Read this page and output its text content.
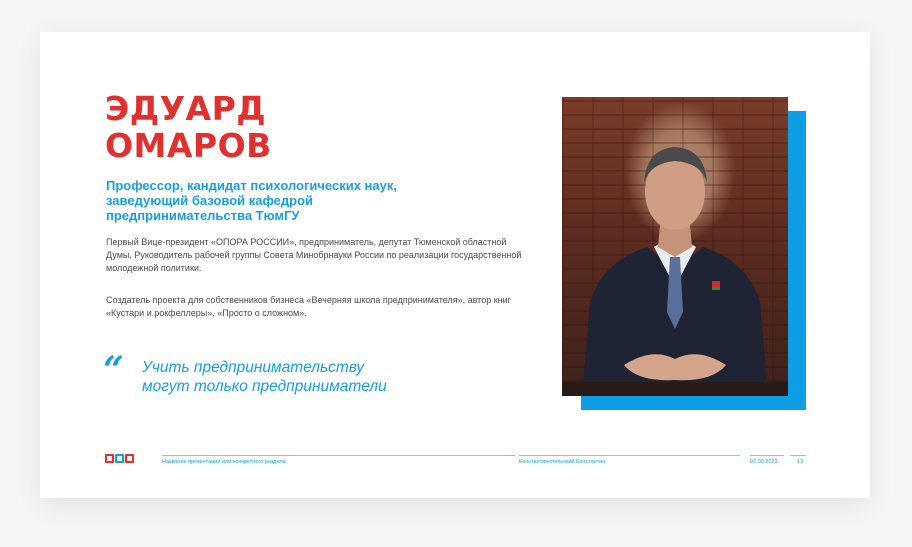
ЭДУАРД
ОМАРОВ

Профессор, кандидат психологических наук, заведующий базовой кафедрой предпринимательства ТюмГУ

Первый Вице-президент «ОПОРА РОССИИ», предприниматель, депутат Тюменской областной Думы, Руководитель рабочей группы Совета Минобрнауки России по реализации государственной молодежной политики.

Создатель проекта для собственников бизнеса «Вечерняя школа предпринимателя», автор книг «Кустари и рокфеллеры», «Просто о сложном».

“ Учить предпринимательству
могут только предприниматели

Название презентации или конкретного раздела	Константинопольский Константин	07.00.2023	13
